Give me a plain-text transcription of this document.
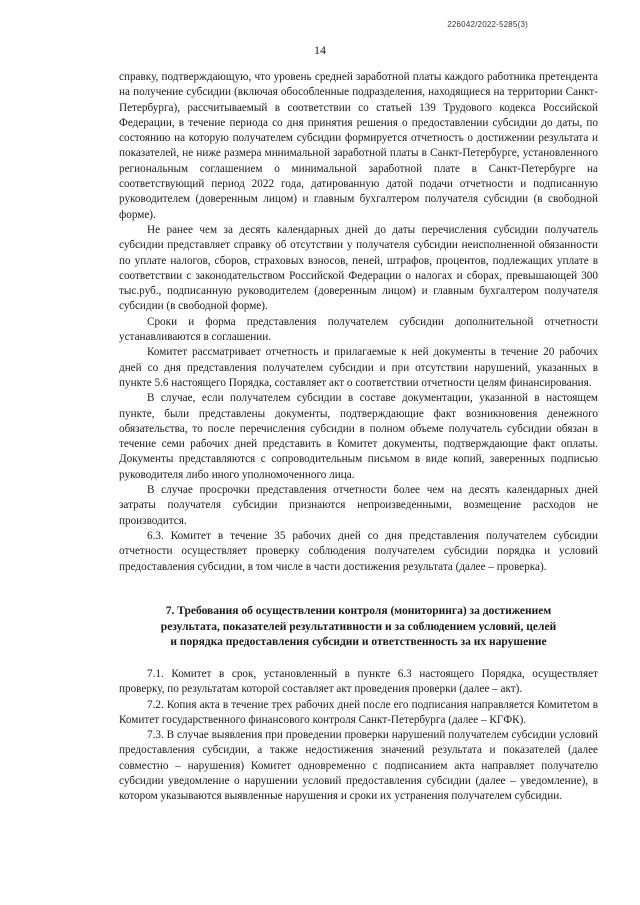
226042/2022-5285(3)
14

справку, подтверждающую, что уровень средней заработной платы каждого работника претендента на получение субсидии (включая обособленные подразделения, находящиеся на территории Санкт-Петербурга), рассчитываемый в соответствии со статьей 139 Трудового кодекса Российской Федерации, в течение периода со дня принятия решения о предоставлении субсидии до даты, по состоянию на которую получателем субсидии формируется отчетность о достижении результата и показателей, не ниже размера минимальной заработной платы в Санкт-Петербурге, установленного региональным соглашением о минимальной заработной плате в Санкт-Петербурге на соответствующий период 2022 года, датированную датой подачи отчетности и подписанную руководителем (доверенным лицом) и главным бухгалтером получателя субсидии (в свободной форме).

Не ранее чем за десять календарных дней до даты перечисления субсидии получатель субсидии представляет справку об отсутствии у получателя субсидии неисполненной обязанности по уплате налогов, сборов, страховых взносов, пеней, штрафов, процентов, подлежащих уплате в соответствии с законодательством Российской Федерации о налогах и сборах, превышающей 300 тыс.руб., подписанную руководителем (доверенным лицом) и главным бухгалтером получателя субсидии (в свободной форме).

Сроки и форма представления получателем субсидии дополнительной отчетности устанавливаются в соглашении.

Комитет рассматривает отчетность и прилагаемые к ней документы в течение 20 рабочих дней со дня представления получателем субсидии и при отсутствии нарушений, указанных в пункте 5.6 настоящего Порядка, составляет акт о соответствии отчетности целям финансирования.

В случае, если получателем субсидии в составе документации, указанной в настоящем пункте, были представлены документы, подтверждающие факт возникновения денежного обязательства, то после перечисления субсидии в полном объеме получатель субсидии обязан в течение семи рабочих дней представить в Комитет документы, подтверждающие факт оплаты. Документы представляются с сопроводительным письмом в виде копий, заверенных подписью руководителя либо иного уполномоченного лица.

В случае просрочки представления отчетности более чем на десять календарных дней затраты получателя субсидии признаются непроизведенными, возмещение расходов не производится.

6.3. Комитет в течение 35 рабочих дней со дня представления получателем субсидии отчетности осуществляет проверку соблюдения получателем субсидии порядка и условий предоставления субсидии, в том числе в части достижения результата (далее – проверка).

7. Требования об осуществлении контроля (мониторинга) за достижением
результата, показателей результативности и за соблюдением условий, целей
и порядка предоставления субсидии и ответственность за их нарушение

7.1. Комитет в срок, установленный в пункте 6.3 настоящего Порядка, осуществляет проверку, по результатам которой составляет акт проведения проверки (далее – акт).

7.2. Копия акта в течение трех рабочих дней после его подписания направляется Комитетом в Комитет государственного финансового контроля Санкт-Петербурга (далее – КГФК).

7.3. В случае выявления при проведении проверки нарушений получателем субсидии условий предоставления субсидии, а также недостижения значений результата и показателей (далее совместно – нарушения) Комитет одновременно с подписанием акта направляет получателю субсидии уведомление о нарушении условий предоставления субсидии (далее – уведомление), в котором указываются выявленные нарушения и сроки их устранения получателем субсидии.
